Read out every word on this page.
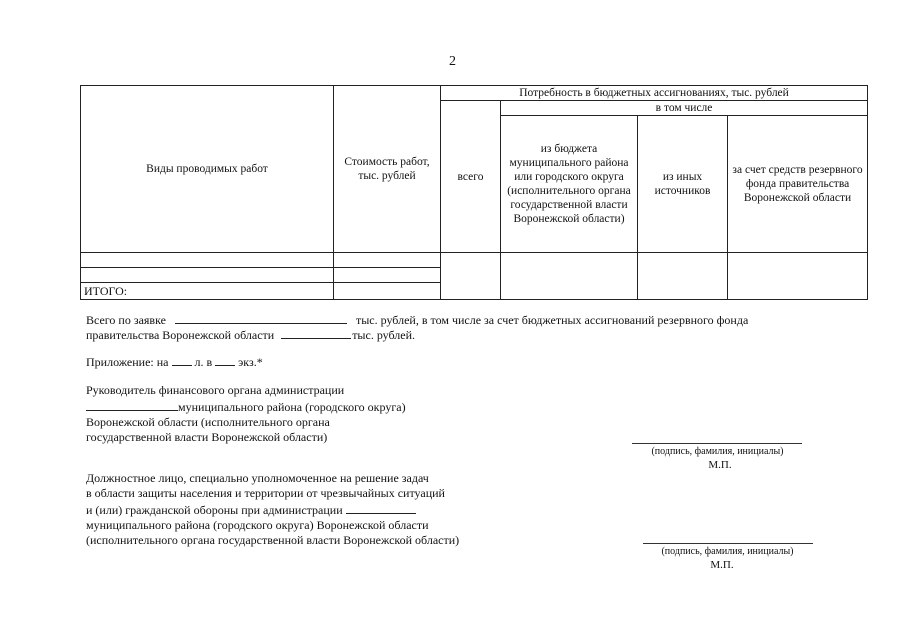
2
Виды проводимых работ	Стоимость работ, тыс. рублей	Потребность в бюджетных ассигнованиях, тыс. рублей			
		всего	в том числе		
			из бюджета муниципального района или городского округа (исполнительного органа государственной власти Воронежской области)	из иных источников	за счет средств резервного фонда правительства Воронежской области

ИТОГО:					
Всего по заявке	тыс. рублей, в том числе за счет бюджетных ассигнований резервного фонда
правительства Воронежской области	тыс. рублей.
Приложение: на л. в экз.*
Руководитель финансового органа администрации
муниципального района (городского округа)
Воронежской области (исполнительного органа
государственной власти Воронежской области)
(подпись, фамилия, инициалы)
М.П.
Должностное лицо, специально уполномоченное на решение задач
в области защиты населения и территории от чрезвычайных ситуаций
и (или) гражданской обороны при администрации
муниципального района (городского округа) Воронежской области
(исполнительного органа государственной власти Воронежской области)
(подпись, фамилия, инициалы)
М.П.
